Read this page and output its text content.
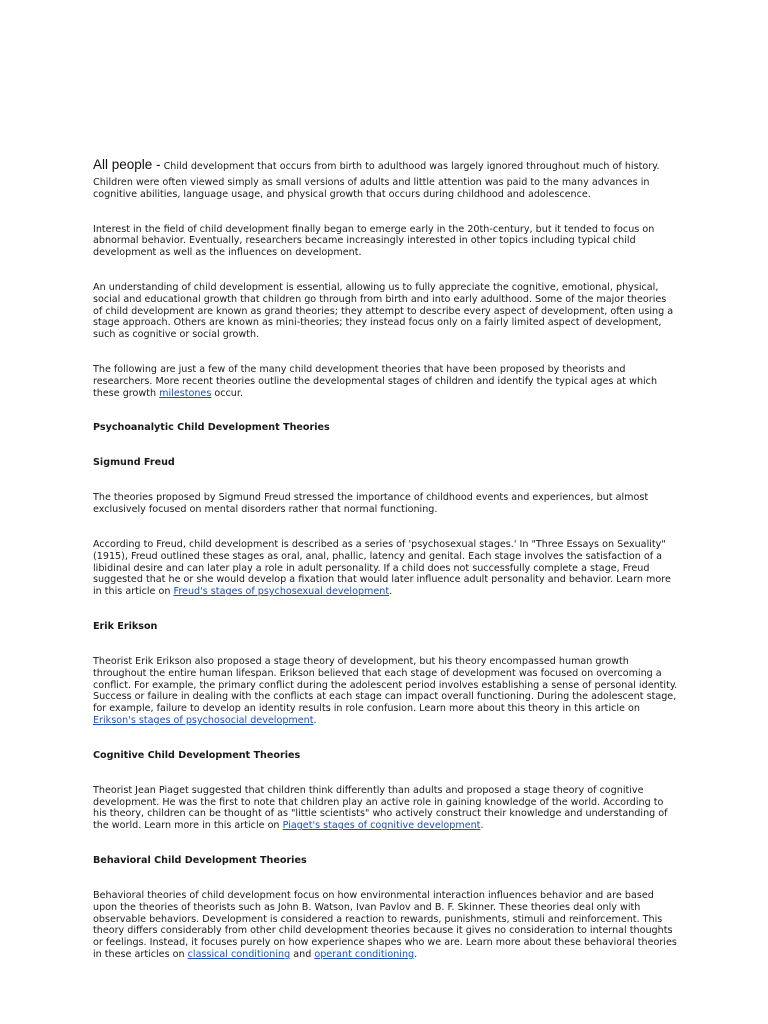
All people - Child development that occurs from birth to adulthood was largely ignored throughout much of history.

Children were often viewed simply as small versions of adults and little attention was paid to the many advances in cognitive abilities, language usage, and physical growth that occurs during childhood and adolescence.

Interest in the field of child development finally began to emerge early in the 20th-century, but it tended to focus on abnormal behavior. Eventually, researchers became increasingly interested in other topics including typical child development as well as the influences on development.

An understanding of child development is essential, allowing us to fully appreciate the cognitive, emotional, physical, social and educational growth that children go through from birth and into early adulthood. Some of the major theories of child development are known as grand theories; they attempt to describe every aspect of development, often using a stage approach. Others are known as mini-theories; they instead focus only on a fairly limited aspect of development, such as cognitive or social growth.

The following are just a few of the many child development theories that have been proposed by theorists and researchers. More recent theories outline the developmental stages of children and identify the typical ages at which these growth milestones occur.

Psychoanalytic Child Development Theories
Sigmund Freud

The theories proposed by Sigmund Freud stressed the importance of childhood events and experiences, but almost exclusively focused on mental disorders rather that normal functioning.

According to Freud, child development is described as a series of 'psychosexual stages.' In "Three Essays on Sexuality" (1915), Freud outlined these stages as oral, anal, phallic, latency and genital. Each stage involves the satisfaction of a libidinal desire and can later play a role in adult personality. If a child does not successfully complete a stage, Freud suggested that he or she would develop a fixation that would later influence adult personality and behavior. Learn more in this article on Freud's stages of psychosexual development.

Erik Erikson

Theorist Erik Erikson also proposed a stage theory of development, but his theory encompassed human growth throughout the entire human lifespan. Erikson believed that each stage of development was focused on overcoming a conflict. For example, the primary conflict during the adolescent period involves establishing a sense of personal identity. Success or failure in dealing with the conflicts at each stage can impact overall functioning. During the adolescent stage, for example, failure to develop an identity results in role confusion. Learn more about this theory in this article on Erikson's stages of psychosocial development.

Cognitive Child Development Theories

Theorist Jean Piaget suggested that children think differently than adults and proposed a stage theory of cognitive development. He was the first to note that children play an active role in gaining knowledge of the world. According to his theory, children can be thought of as "little scientists" who actively construct their knowledge and understanding of the world. Learn more in this article on Piaget's stages of cognitive development.

Behavioral Child Development Theories

Behavioral theories of child development focus on how environmental interaction influences behavior and are based upon the theories of theorists such as John B. Watson, Ivan Pavlov and B. F. Skinner. These theories deal only with observable behaviors. Development is considered a reaction to rewards, punishments, stimuli and reinforcement. This theory differs considerably from other child development theories because it gives no consideration to internal thoughts or feelings. Instead, it focuses purely on how experience shapes who we are. Learn more about these behavioral theories in these articles on classical conditioning and operant conditioning.
